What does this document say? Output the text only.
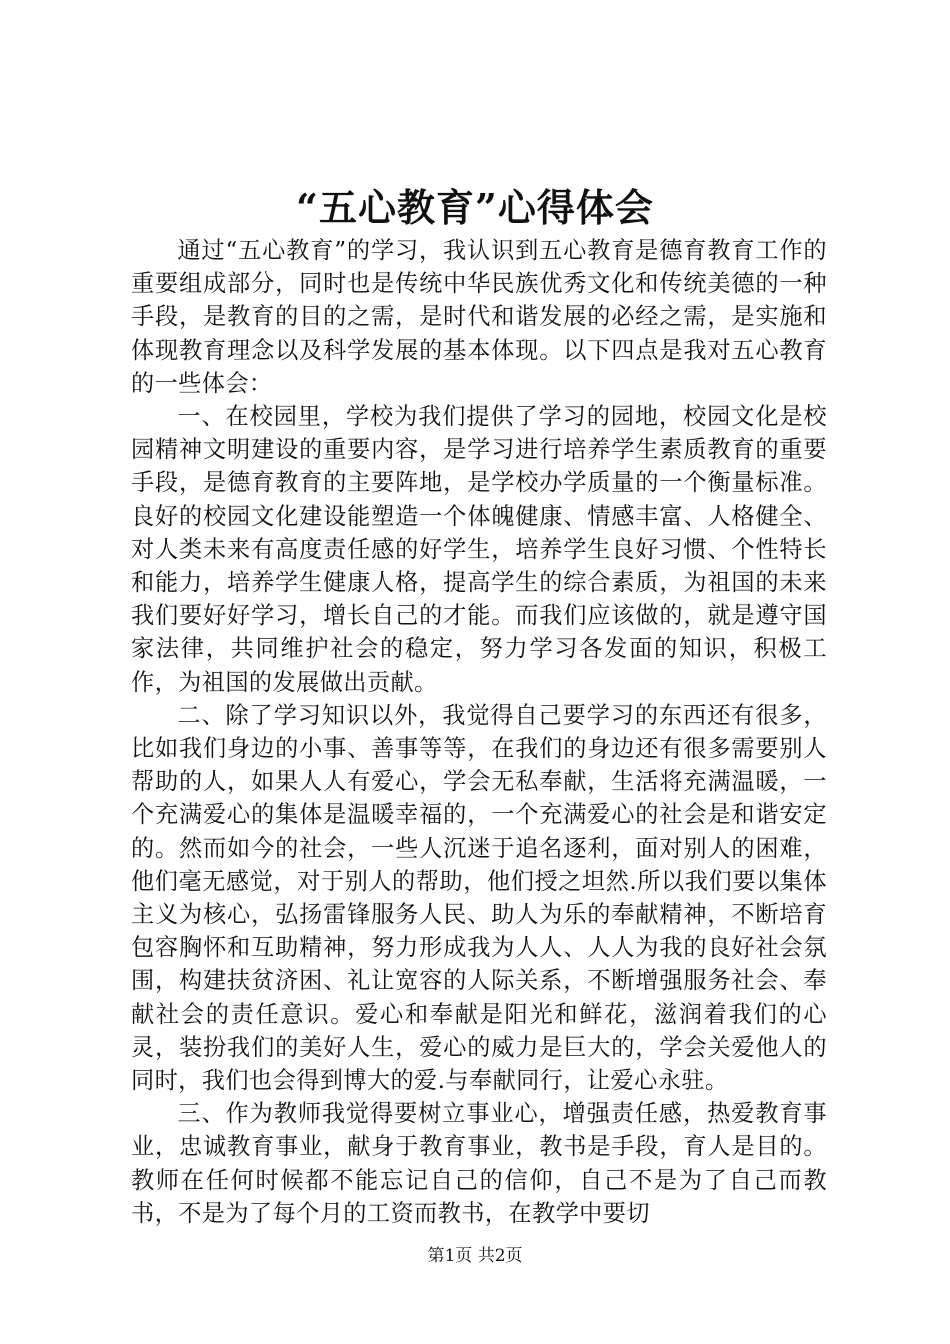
“五心教育”心得体会

通过“五心教育”的学习，我认识到五心教育是德育教育工作的重要组成部分，同时也是传统中华民族优秀文化和传统美德的一种手段，是教育的目的之需，是时代和谐发展的必经之需，是实施和体现教育理念以及科学发展的基本体现。以下四点是我对五心教育的一些体会：

一、在校园里，学校为我们提供了学习的园地，校园文化是校园精神文明建设的重要内容，是学习进行培养学生素质教育的重要手段，是德育教育的主要阵地，是学校办学质量的一个衡量标准。良好的校园文化建设能塑造一个体魄健康、情感丰富、人格健全、对人类未来有高度责任感的好学生，培养学生良好习惯、个性特长和能力，培养学生健康人格，提高学生的综合素质，为祖国的未来我们要好好学习，增长自己的才能。而我们应该做的，就是遵守国家法律，共同维护社会的稳定，努力学习各发面的知识，积极工作，为祖国的发展做出贡献。

二、除了学习知识以外，我觉得自己要学习的东西还有很多，比如我们身边的小事、善事等等，在我们的身边还有很多需要别人帮助的人，如果人人有爱心，学会无私奉献，生活将充满温暖，一个充满爱心的集体是温暖幸福的，一个充满爱心的社会是和谐安定的。然而如今的社会，一些人沉迷于追名逐利，面对别人的困难，他们毫无感觉，对于别人的帮助，他们授之坦然.所以我们要以集体主义为核心，弘扬雷锋服务人民、助人为乐的奉献精神，不断培育包容胸怀和互助精神，努力形成我为人人、人人为我的良好社会氛围，构建扶贫济困、礼让宽容的人际关系，不断增强服务社会、奉献社会的责任意识。爱心和奉献是阳光和鲜花，滋润着我们的心灵，装扮我们的美好人生，爱心的威力是巨大的，学会关爱他人的同时，我们也会得到博大的爱.与奉献同行，让爱心永驻。

三、作为教师我觉得要树立事业心，增强责任感，热爱教育事业，忠诚教育事业，献身于教育事业，教书是手段，育人是目的。教师在任何时候都不能忘记自己的信仰，自己不是为了自己而教书，不是为了每个月的工资而教书，在教学中要切

第1页 共2页
